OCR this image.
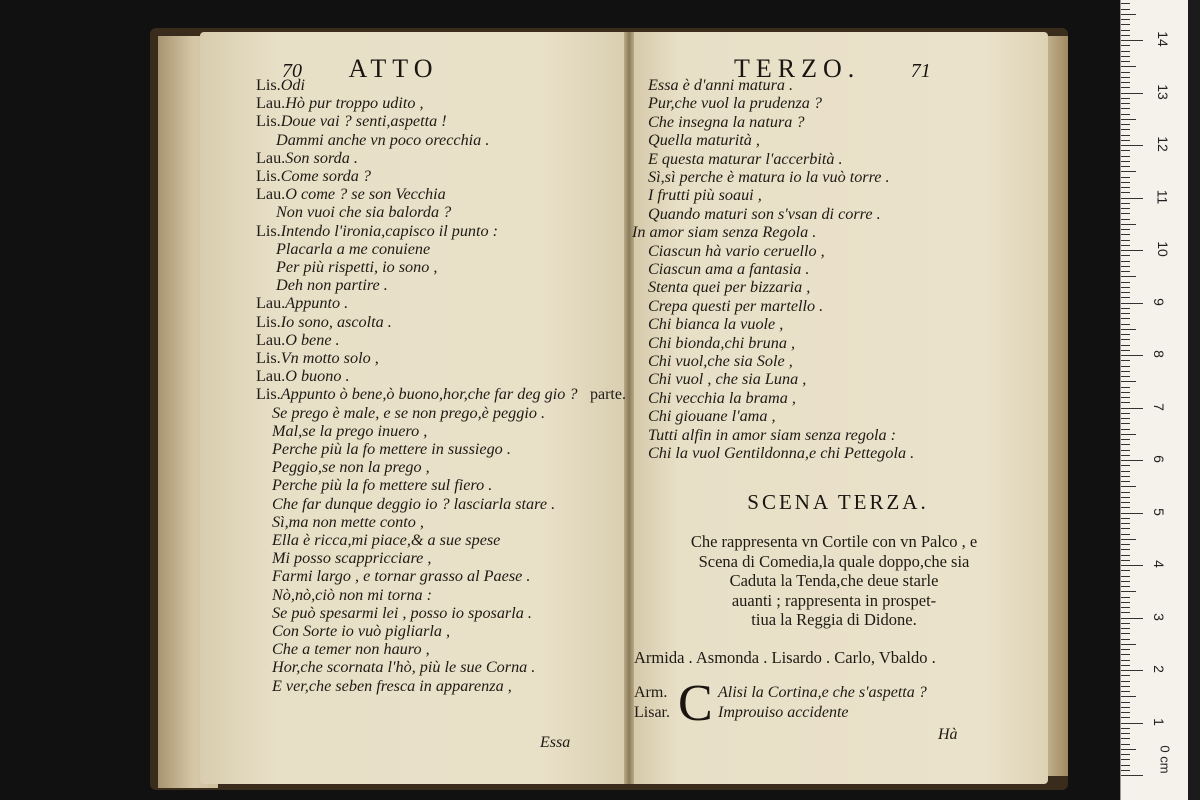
70 ATTO	TERZO.	71
Lis.Odi
Lau.Hò pur troppo udito ,
Lis.Doue vai ? senti,aspetta !
Dammi anche vn poco orecchia .
Lau.Son sorda .
Lis.Come sorda ?
Lau.O come ? se son Vecchia
Non vuoi che sia balorda ?
Lis.Intendo l'ironia,capisco il punto :
Placarla a me conuiene
Per più rispetti, io sono ,
Deh non partire .
Lau.Appunto .
Lis.Io sono, ascolta .
Lau.O bene .
Lis.Vn motto solo ,
Lau.O buono .
Lis.Appunto ò bene,ò buono,hor,che far deg gio ?
Se prego è male, e se non prego,è peggio .
Mal,se la prego inuero ,
Perche più la fo mettere in sussiego .
Peggio,se non la prego ,
Perche più la fo mettere sul fiero .
Che far dunque deggio io ? lasciarla stare .
Sì,ma non mette conto ,
Ella è ricca,mi piace,& a sue spese
Mi posso scappricciare ,
Farmi largo , e tornar grasso al Paese .
Nò,nò,ciò non mi torna :
Se può spesarmi lei , posso io sposarla .
Con Sorte io vuò pigliarla ,
Che a temer non hauro ,
Hor,che scornata l'hò, più le sue Corna .
E ver,che seben fresca in apparenza ,
Essa è d'anni matura .
Pur,che vuol la prudenza ?
Che insegna la natura ?
Quella maturità ,
E questa maturar l'accerbità .
Sì,sì perche è matura io la vuò torre .
I frutti più soaui ,
Quando maturi son s'vsan di corre .
In amor siam senza Regola .
Ciascun hà vario ceruello ,
Ciascun ama a fantasia .
Stenta quei per bizzaria ,
Crepa questi per martello .
Chi bianca la vuole ,
Chi bionda,chi bruna ,
Chi vuol,che sia Sole ,
Chi vuol , che sia Luna ,
Chi vecchia la brama ,
Chi giouane l'ama ,
Tutti alfin in amor siam senza regola :
Chi la vuol Gentildonna,e chi Pettegola .
parte.
Essa
SCENA TERZA.
Che rappresenta vn Cortile con vn Palco , e
Scena di Comedia,la quale doppo,che sia
Caduta la Tenda,che deue starle
auanti ; rappresenta in prospet-
tiua la Reggia di Didone.
Armida . Asmonda . Lisardo . Carlo, Vbaldo .
C
Arm.	Alisi la Cortina,e che s'aspetta ?
Lisar.	Improuiso accidente
Hà
1
2
3
4
5
6
7
8
9
10
11
12
13
14
0 cm
